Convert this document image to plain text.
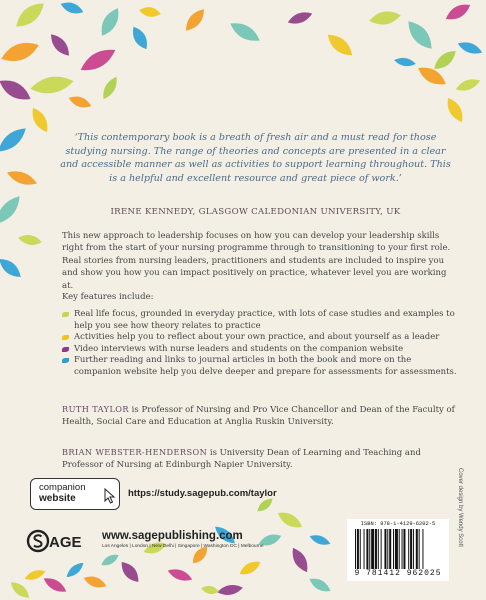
‘This contemporary book is a breath of fresh air and a must read for those studying nursing. The range of theories and concepts are presented in a clear and accessible manner as well as activities to support learning throughout. This is a helpful and excellent resource and great piece of work.’
IRENE KENNEDY, GLASGOW CALEDONIAN UNIVERSITY, UK
This new approach to leadership focuses on how you can develop your leadership skills right from the start of your nursing programme through to transitioning to your first role. Real stories from nursing leaders, practitioners and students are included to inspire you and show you how you can impact positively on practice, whatever level you are working at.
Key features include:
Real life focus, grounded in everyday practice, with lots of case studies and examples to help you see how theory relates to practice
Activities help you to reflect about your own practice, and about yourself as a leader
Video interviews with nurse leaders and students on the companion website
Further reading and links to journal articles in both the book and more on the companion website help you delve deeper and prepare for assessments for assessments.
RUTH TAYLOR is Professor of Nursing and Pro Vice Chancellor and Dean of the Faculty of Health, Social Care and Education at Anglia Ruskin University.
BRIAN WEBSTER-HENDERSON is University Dean of Learning and Teaching and Professor of Nursing at Edinburgh Napier University.
companion
website	https://study.sagepub.com/taylor
AGE www.sagepublishing.com
Los Angeles | London | New Delhi | Singapore | Washington DC | Melbourne
ISBN: 978-1-4129-6202-5
9 781412 962025
Cover design by Wendy Scott
